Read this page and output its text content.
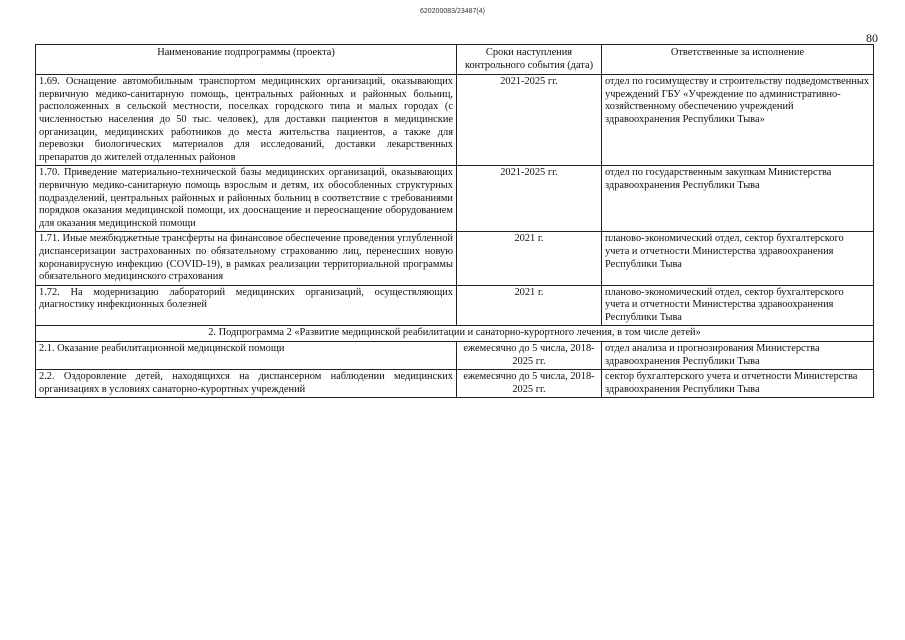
620200083/23487(4)
80
Наименование подпрограммы (проекта)	Сроки наступления контрольного события (дата)	Ответственные за исполнение
1.69. Оснащение автомобильным транспортом медицинских организаций, оказывающих первичную медико-санитарную помощь, центральных районных и районных больниц, расположенных в сельской местности, поселках городского типа и малых городах (с численностью населения до 50 тыс. человек), для доставки пациентов в медицинские организации, медицинских работников до места жительства пациентов, а также для перевозки биологических материалов для исследований, доставки лекарственных препаратов до жителей отдаленных районов	2021-2025 гг.	отдел по госимуществу и строительству подведомственных учреждений ГБУ «Учреждение по административно-хозяйственному обеспечению учреждений здравоохранения Республики Тыва»
1.70. Приведение материально-технической базы медицинских организаций, оказывающих первичную медико-санитарную помощь взрослым и детям, их обособленных структурных подразделений, центральных районных и районных больниц в соответствие с требованиями порядков оказания медицинской помощи, их дооснащение и переоснащение оборудованием для оказания медицинской помощи	2021-2025 гг.	отдел по государственным закупкам Министерства здравоохранения Республики Тыва
1.71. Иные межбюджетные трансферты на финансовое обеспечение проведения углубленной диспансеризации застрахованных по обязательному страхованию лиц, перенесших новую коронавирусную инфекцию (COVID-19), в рамках реализации территориальной программы обязательного медицинского страхования	2021 г.	планово-экономический отдел, сектор бухгалтерского учета и отчетности Министерства здравоохранения Республики Тыва
1.72. На модернизацию лабораторий медицинских организаций, осуществляющих диагностику инфекционных болезней	2021 г.	планово-экономический отдел, сектор бухгалтерского учета и отчетности Министерства здравоохранения Республики Тыва
2. Подпрограмма 2 «Развитие медицинской реабилитации и санаторно-курортного лечения, в том числе детей»		
2.1. Оказание реабилитационной медицинской помощи	ежемесячно до 5 числа, 2018-2025 гг.	отдел анализа и прогнозирования Министерства здравоохранения Республики Тыва
2.2. Оздоровление детей, находящихся на диспансерном наблюдении медицинских организациях в условиях санаторно-курортных учреждений	ежемесячно до 5 числа, 2018-2025 гг.	сектор бухгалтерского учета и отчетности Министерства здравоохранения Республики Тыва
